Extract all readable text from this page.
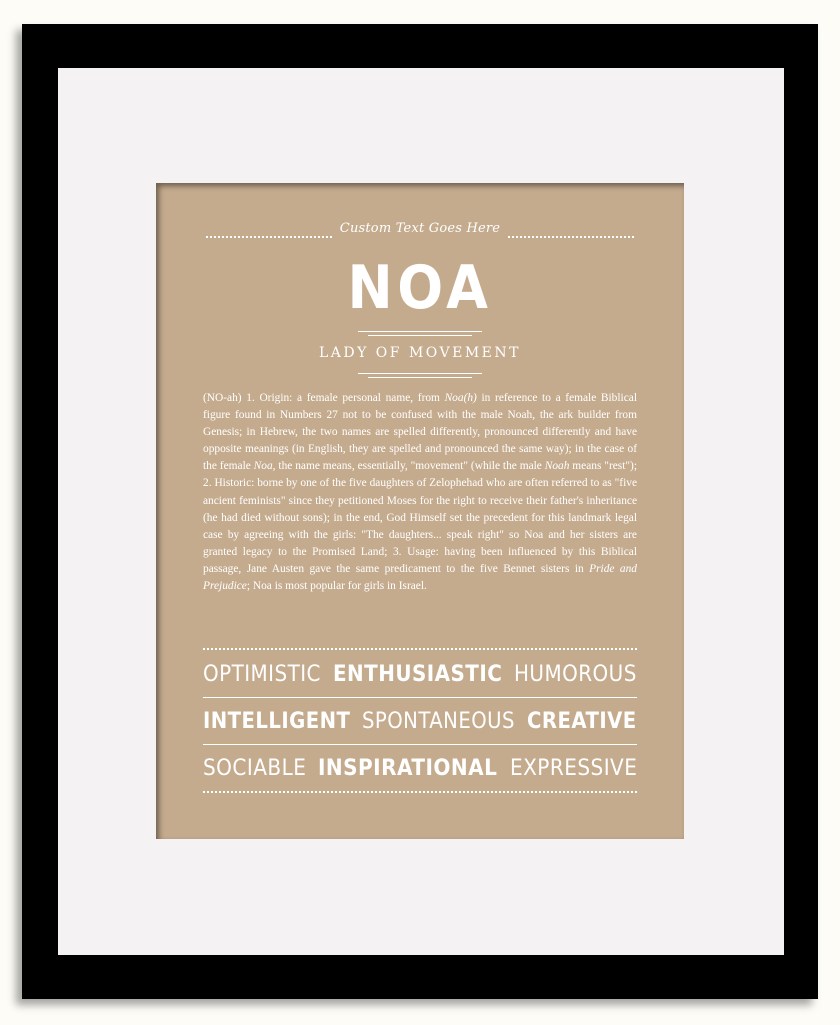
Custom Text Goes Here
NOA
LADY OF MOVEMENT
(NO-ah) 1. Origin: a female personal name, from Noa(h) in reference to a female Biblical figure found in Numbers 27 not to be confused with the male Noah, the ark builder from Genesis; in Hebrew, the two names are spelled differently, pronounced differently and have opposite meanings (in English, they are spelled and pronounced the same way); in the case of the female Noa, the name means, essentially, "movement" (while the male Noah means "rest"); 2. Historic: borne by one of the five daughters of Zelophehad who are often referred to as "five ancient feminists" since they petitioned Moses for the right to receive their father's inheritance (he had died without sons); in the end, God Himself set the precedent for this landmark legal case by agreeing with the girls: "The daughters... speak right" so Noa and her sisters are granted legacy to the Promised Land; 3. Usage: having been influenced by this Biblical passage, Jane Austen gave the same predicament to the five Bennet sisters in Pride and Prejudice; Noa is most popular for girls in Israel.
OPTIMISTIC ENTHUSIASTIC HUMOROUS
INTELLIGENT SPONTANEOUS CREATIVE
SOCIABLE INSPIRATIONAL EXPRESSIVE
